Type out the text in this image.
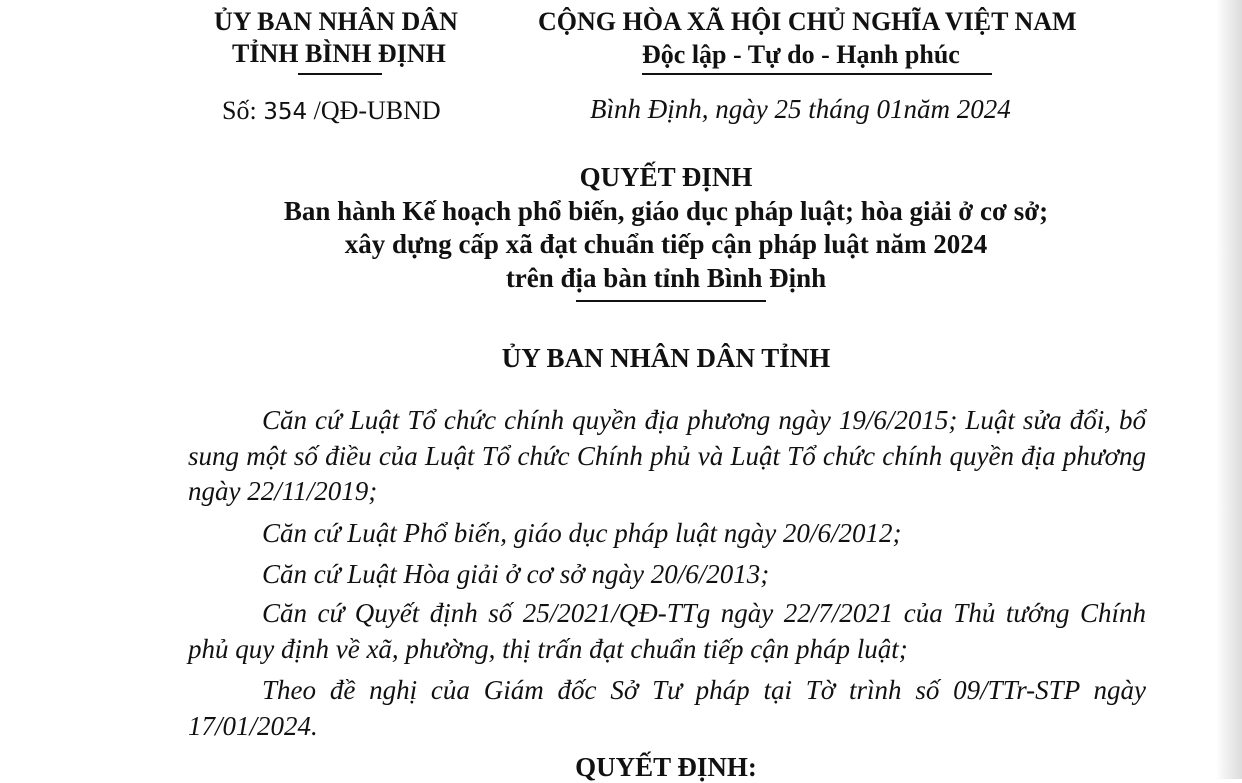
ỦY BAN NHÂN DÂN
TỈNH BÌNH ĐỊNH
CỘNG HÒA XÃ HỘI CHỦ NGHĨA VIỆT NAM
Độc lập - Tự do - Hạnh phúc
Số: 354 /QĐ-UBND	Bình Định, ngày 25 tháng 01năm 2024
QUYẾT ĐỊNH
Ban hành Kế hoạch phổ biến, giáo dục pháp luật; hòa giải ở cơ sở;
xây dựng cấp xã đạt chuẩn tiếp cận pháp luật năm 2024
trên địa bàn tỉnh Bình Định
ỦY BAN NHÂN DÂN TỈNH
Căn cứ Luật Tổ chức chính quyền địa phương ngày 19/6/2015; Luật sửa đổi, bổ sung một số điều của Luật Tổ chức Chính phủ và Luật Tổ chức chính quyền địa phương ngày 22/11/2019;
Căn cứ Luật Phổ biến, giáo dục pháp luật ngày 20/6/2012;
Căn cứ Luật Hòa giải ở cơ sở ngày 20/6/2013;
Căn cứ Quyết định số 25/2021/QĐ-TTg ngày 22/7/2021 của Thủ tướng Chính phủ quy định về xã, phường, thị trấn đạt chuẩn tiếp cận pháp luật;
Theo đề nghị của Giám đốc Sở Tư pháp tại Tờ trình số 09/TTr-STP ngày 17/01/2024.
QUYẾT ĐỊNH:
